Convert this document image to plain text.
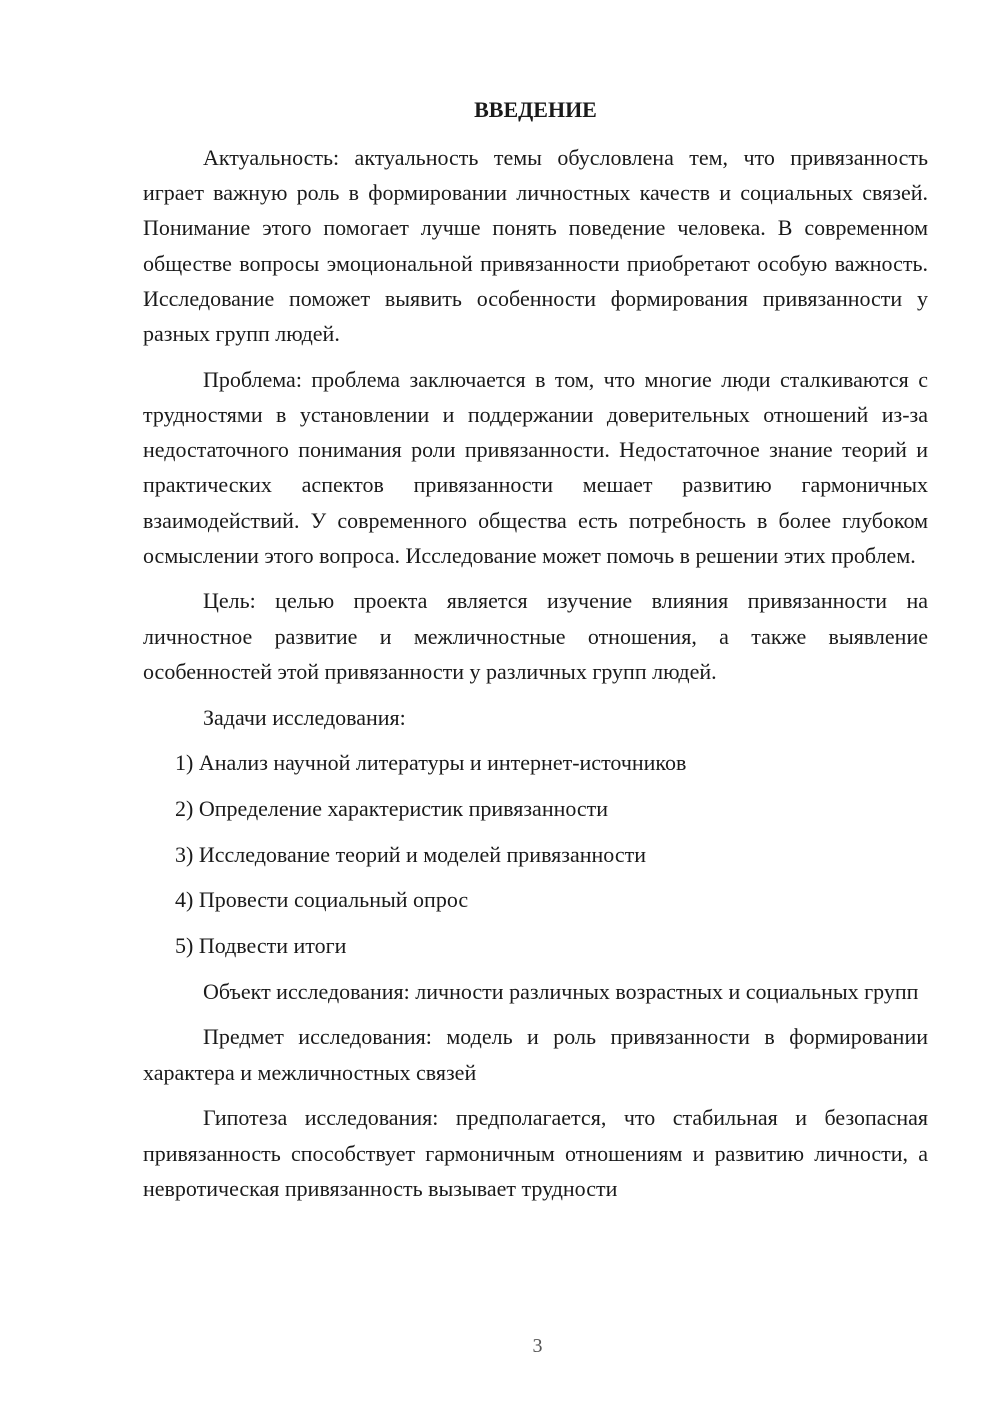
ВВЕДЕНИЕ

Актуальность: актуальность темы обусловлена тем, что привязанность играет важную роль в формировании личностных качеств и социальных связей. Понимание этого помогает лучше понять поведение человека. В современном обществе вопросы эмоциональной привязанности приобретают особую важность. Исследование поможет выявить особенности формирования привязанности у разных групп людей.

Проблема: проблема заключается в том, что многие люди сталкиваются с трудностями в установлении и поддержании доверительных отношений из-за недостаточного понимания роли привязанности. Недостаточное знание теорий и практических аспектов привязанности мешает развитию гармоничных взаимодействий. У современного общества есть потребность в более глубоком осмыслении этого вопроса. Исследование может помочь в решении этих проблем.

Цель: целью проекта является изучение влияния привязанности на личностное развитие и межличностные отношения, а также выявление особенностей этой привязанности у различных групп людей.

Задачи исследования:

1) Анализ научной литературы и интернет-источников
2) Определение характеристик привязанности
3) Исследование теорий и моделей привязанности
4) Провести социальный опрос
5) Подвести итоги

Объект исследования: личности различных возрастных и социальных групп

Предмет исследования: модель и роль привязанности в формировании характера и межличностных связей

Гипотеза исследования: предполагается, что стабильная и безопасная привязанность способствует гармоничным отношениям и развитию личности, а невротическая привязанность вызывает трудности

3
